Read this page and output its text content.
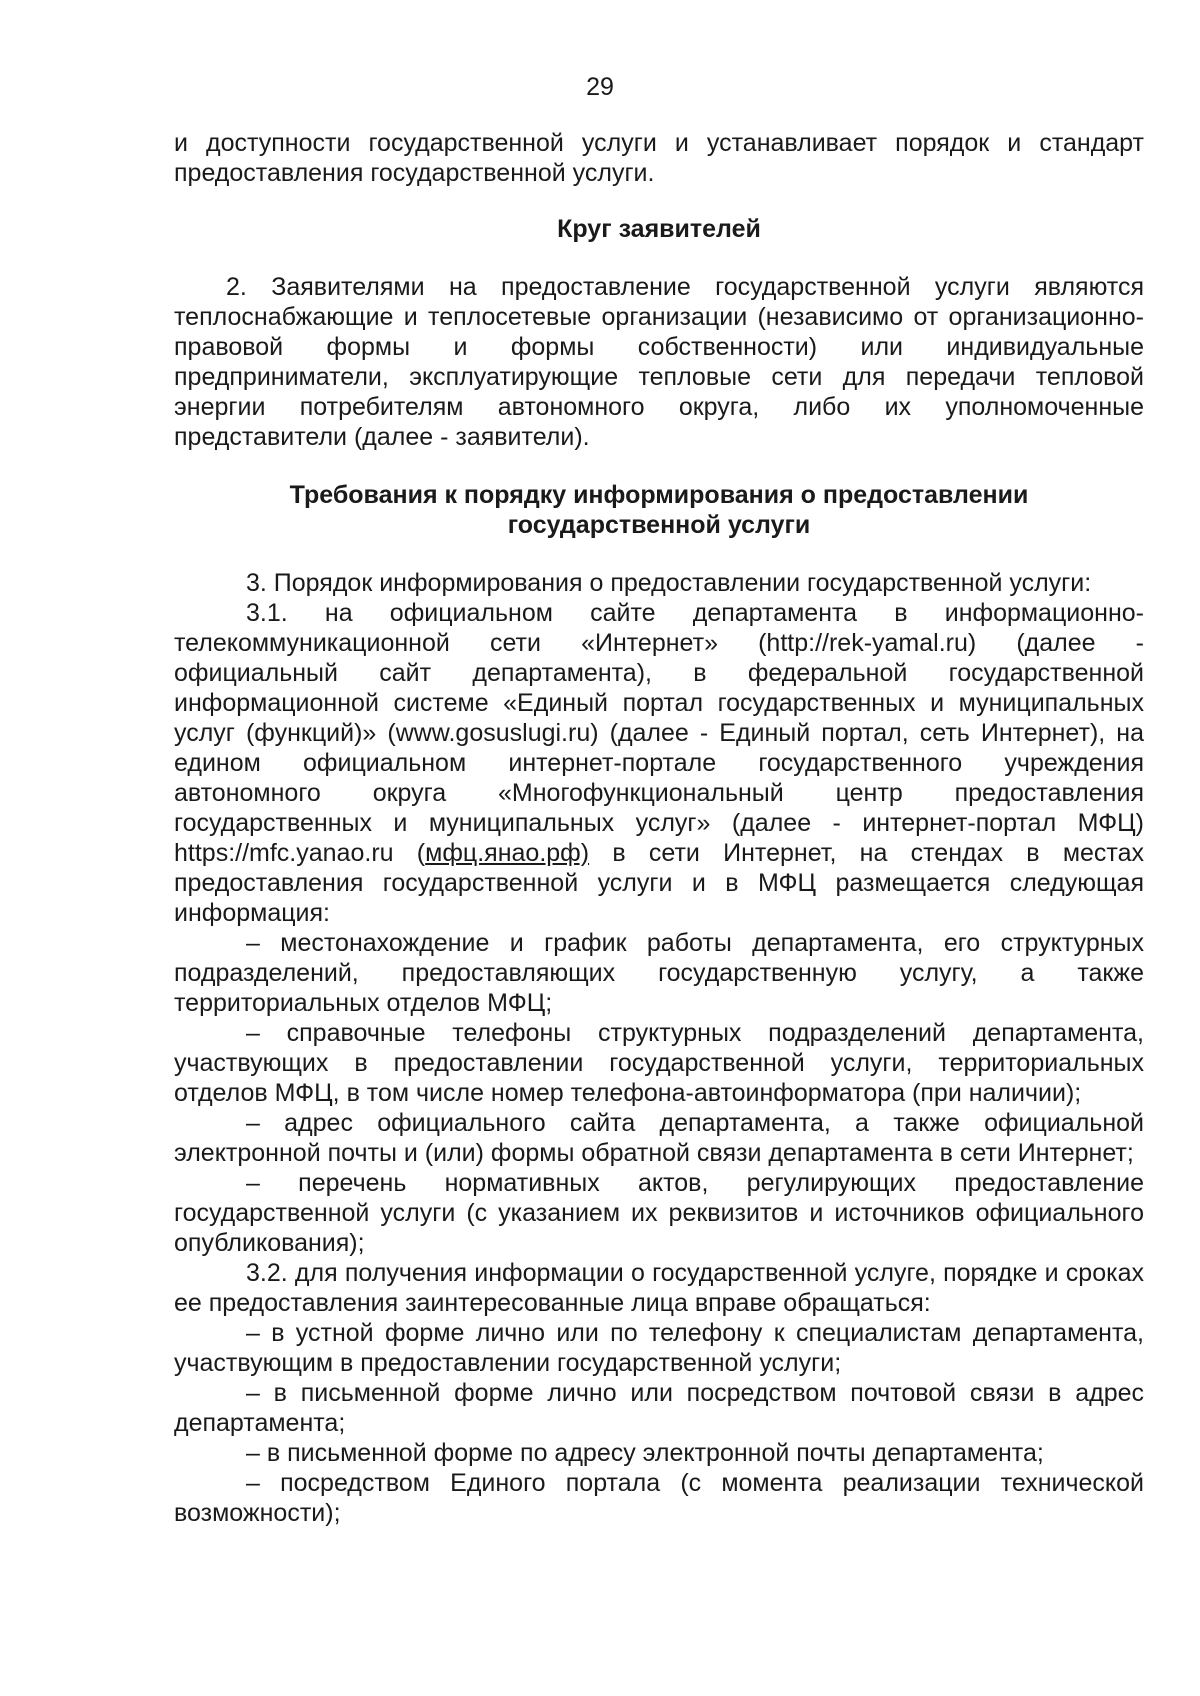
29

и доступности государственной услуги и устанавливает порядок и стандарт предоставления государственной услуги.

Круг заявителей

2. Заявителями на предоставление государственной услуги являются теплоснабжающие и теплосетевые организации (независимо от организационно-правовой формы и формы собственности) или индивидуальные предприниматели, эксплуатирующие тепловые сети для передачи тепловой энергии потребителям автономного округа, либо их уполномоченные представители (далее - заявители).

Требования к порядку информирования о предоставлении
государственной услуги

3. Порядок информирования о предоставлении государственной услуги:

3.1. на официальном сайте департамента в информационно-телекоммуникационной сети «Интернет» (http://rek-yamal.ru) (далее - официальный сайт департамента), в федеральной государственной информационной системе «Единый портал государственных и муниципальных услуг (функций)» (www.gosuslugi.ru) (далее - Единый портал, сеть Интернет), на едином официальном интернет-портале государственного учреждения автономного округа «Многофункциональный центр предоставления государственных и муниципальных услуг» (далее - интернет-портал МФЦ) https://mfc.yanao.ru (мфц.янао.рф) в сети Интернет, на стендах в местах предоставления государственной услуги и в МФЦ размещается следующая информация:

– местонахождение и график работы департамента, его структурных подразделений, предоставляющих государственную услугу, а также территориальных отделов МФЦ;

– справочные телефоны структурных подразделений департамента, участвующих в предоставлении государственной услуги, территориальных отделов МФЦ, в том числе номер телефона-автоинформатора (при наличии);

– адрес официального сайта департамента, а также официальной электронной почты и (или) формы обратной связи департамента в сети Интернет;

– перечень нормативных актов, регулирующих предоставление государственной услуги (с указанием их реквизитов и источников официального опубликования);

3.2. для получения информации о государственной услуге, порядке и сроках ее предоставления заинтересованные лица вправе обращаться:

– в устной форме лично или по телефону к специалистам департамента, участвующим в предоставлении государственной услуги;

– в письменной форме лично или посредством почтовой связи в адрес департамента;

– в письменной форме по адресу электронной почты департамента;

– посредством Единого портала (с момента реализации технической возможности);
